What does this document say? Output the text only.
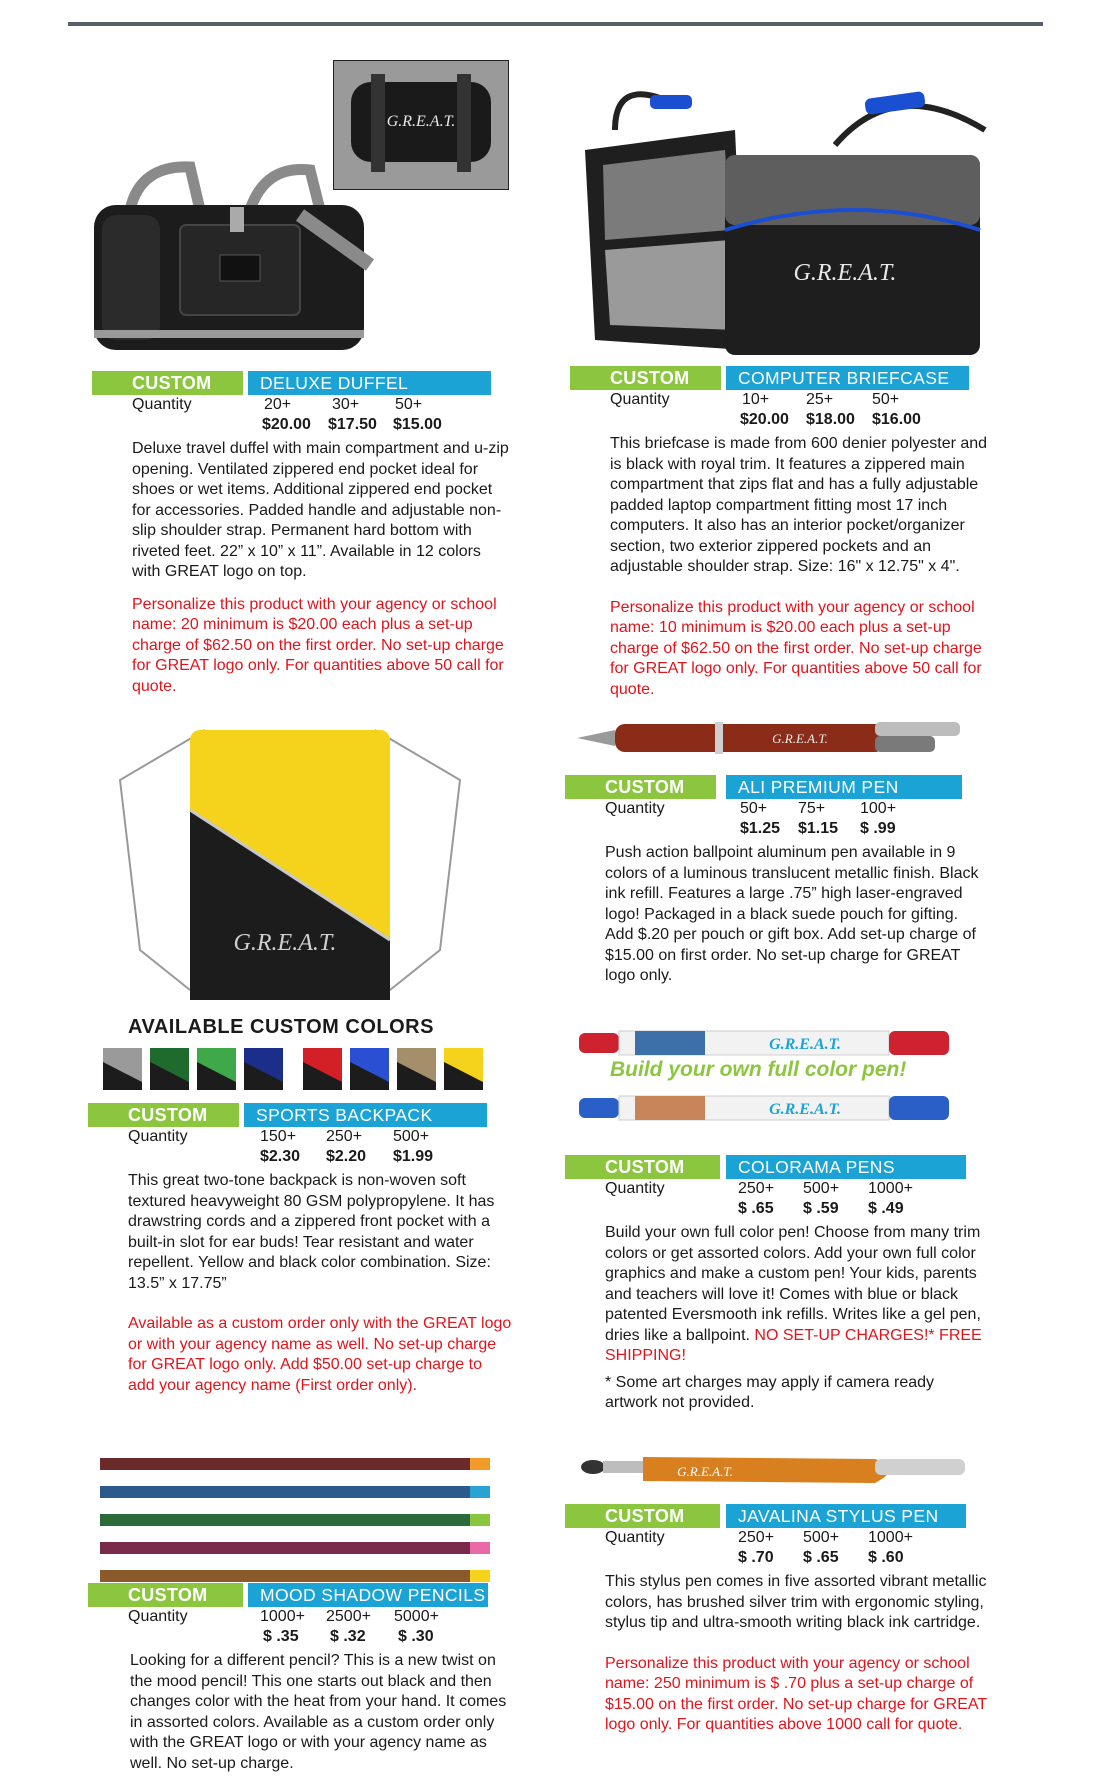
G.R.E.A.T.
G.R.E.A.T.
CUSTOM	DELUXE DUFFEL
Quantity	20+	30+ 50+
$20.00 $17.50 $15.00
Deluxe travel duffel with main compartment and u-zip opening. Ventilated zippered end pocket ideal for shoes or wet items. Additional zippered end pocket for accessories. Padded handle and adjustable non-slip shoulder strap. Permanent hard bottom with riveted feet. 22” x 10” x 11”. Available in 12 colors with GREAT logo on top.
Personalize this product with your agency or school name: 20 minimum is $20.00 each plus a set-up charge of $62.50 on the first order. No set-up charge for GREAT logo only. For quantities above 50 call for quote.
CUSTOM	COMPUTER BRIEFCASE
Quantity	10+ 25+ 50+
$20.00 $18.00 $16.00
This briefcase is made from 600 denier polyester and is black with royal trim. It features a zippered main compartment that zips flat and has a fully adjustable padded laptop compartment fitting most 17 inch computers. It also has an interior pocket/organizer section, two exterior zippered pockets and an adjustable shoulder strap. Size: 16" x 12.75" x 4".
Personalize this product with your agency or school name: 10 minimum is $20.00 each plus a set-up charge of $62.50 on the first order. No set-up charge for GREAT logo only. For quantities above 50 call for quote.
G.R.E.A.T.
AVAILABLE CUSTOM COLORS
CUSTOM	SPORTS BACKPACK
Quantity	150+ 250+ 500+
$2.30 $2.20 $1.99
This great two-tone backpack is non-woven soft textured heavyweight 80 GSM polypropylene. It has drawstring cords and a zippered front pocket with a built-in slot for ear buds! Tear resistant and water repellent. Yellow and black color combination. Size: 13.5” x 17.75”
Available as a custom order only with the GREAT logo or with your agency name as well. No set-up charge for GREAT logo only. Add $50.00 set-up charge to add your agency name (First order only).
G.R.E.A.T.
CUSTOM	ALI PREMIUM PEN
Quantity	50+ 75+ 100+
$1.25 $1.15 $ .99
Push action ballpoint aluminum pen available in 9 colors of a luminous translucent metallic finish. Black ink refill. Features a large .75” high laser-engraved logo! Packaged in a black suede pouch for gifting. Add $.20 per pouch or gift box. Add set-up charge of $15.00 on first order. No set-up charge for GREAT logo only.
G.R.E.A.T.
Build your own full color pen!
G.R.E.A.T.
CUSTOM	COLORAMA PENS
Quantity	250+ 500+ 1000+
$ .65 $ .59 $ .49
Build your own full color pen! Choose from many trim colors or get assorted colors. Add your own full color graphics and make a custom pen! Your kids, parents and teachers will love it! Comes with blue or black patented Eversmooth ink refills. Writes like a gel pen, dries like a ballpoint. NO SET-UP CHARGES!* FREE SHIPPING!
* Some art charges may apply if camera ready artwork not provided.
CUSTOM	MOOD SHADOW PENCILS
Quantity	1000+ 2500+ 5000+
$ .35 $ .32 $ .30
Looking for a different pencil? This is a new twist on the mood pencil! This one starts out black and then changes color with the heat from your hand. It comes in assorted colors. Available as a custom order only with the GREAT logo or with your agency name as well. No set-up charge.
G.R.E.A.T.
CUSTOM	JAVALINA STYLUS PEN
Quantity	250+ 500+ 1000+
$ .70 $ .65 $ .60
This stylus pen comes in five assorted vibrant metallic colors, has brushed silver trim with ergonomic styling, stylus tip and ultra-smooth writing black ink cartridge.
Personalize this product with your agency or school name: 250 minimum is $ .70 plus a set-up charge of $15.00 on the first order. No set-up charge for GREAT logo only. For quantities above 1000 call for quote.
